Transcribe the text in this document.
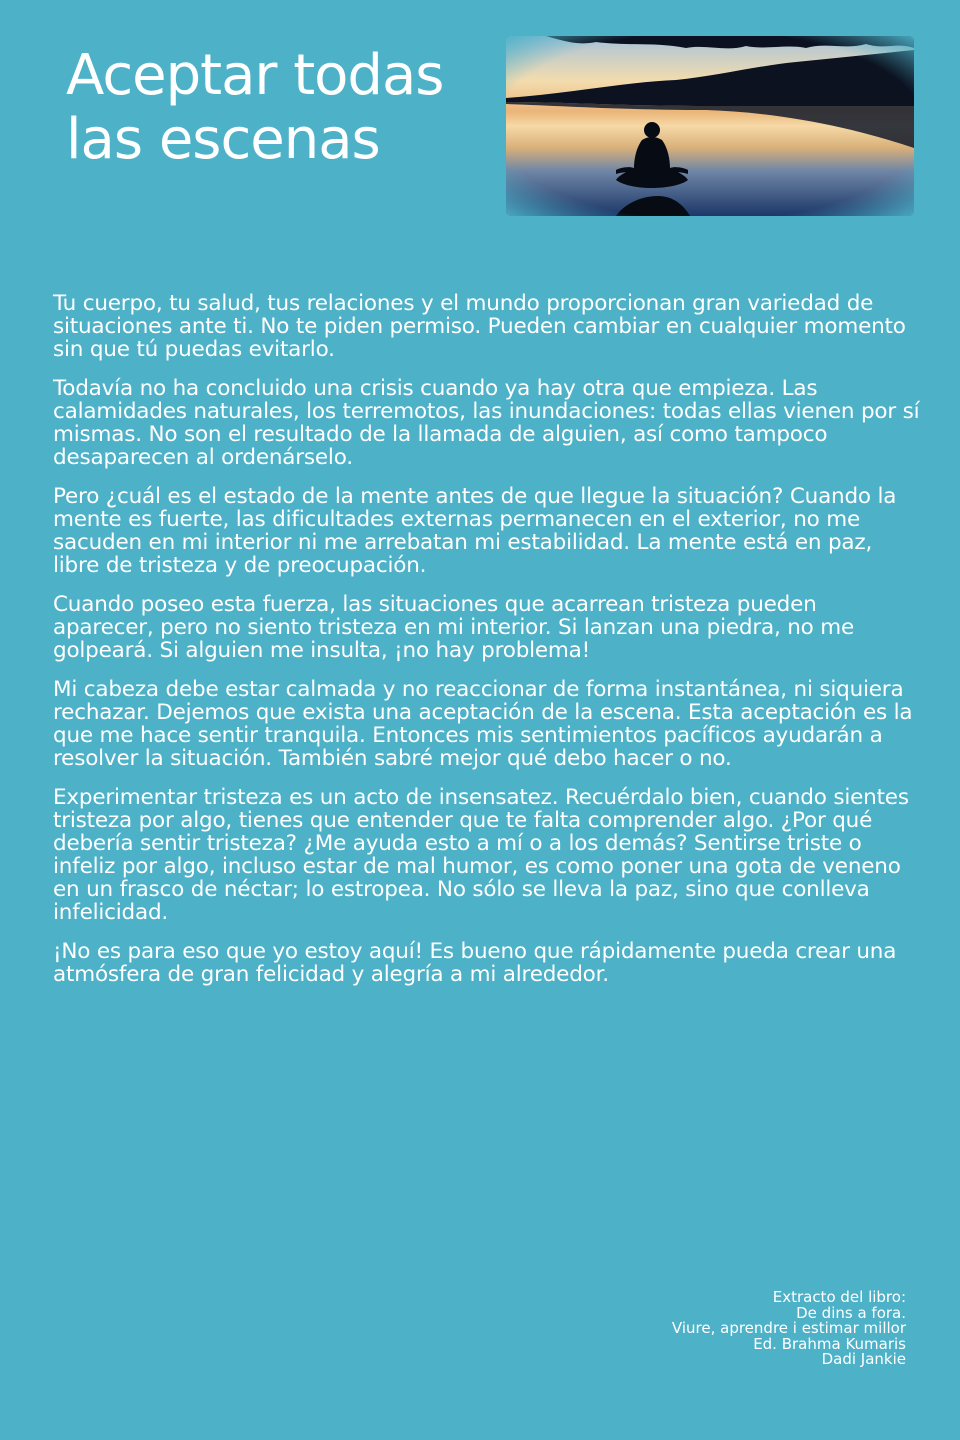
Aceptar todas
las escenas

Tu cuerpo, tu salud, tus relaciones y el mundo proporcionan gran variedad de situaciones ante ti. No te piden permiso. Pueden cambiar en cualquier momento sin que tú puedas evitarlo.

Todavía no ha concluido una crisis cuando ya hay otra que empieza. Las calamidades naturales, los terremotos, las inundaciones: todas ellas vienen por sí mismas. No son el resultado de la llamada de alguien, así como tampoco desaparecen al ordenárselo.

Pero ¿cuál es el estado de la mente antes de que llegue la situación? Cuando la mente es fuerte, las dificultades externas permanecen en el exterior, no me sacuden en mi interior ni me arrebatan mi estabilidad. La mente está en paz, libre de tristeza y de preocupación.

Cuando poseo esta fuerza, las situaciones que acarrean tristeza pueden aparecer, pero no siento tristeza en mi interior. Si lanzan una piedra, no me golpeará. Si alguien me insulta, ¡no hay problema!

Mi cabeza debe estar calmada y no reaccionar de forma instantánea, ni siquiera rechazar. Dejemos que exista una aceptación de la escena. Esta aceptación es la que me hace sentir tranquila. Entonces mis sentimientos pacíficos ayudarán a resolver la situación. También sabré mejor qué debo hacer o no.

Experimentar tristeza es un acto de insensatez. Recuérdalo bien, cuando sientes tristeza por algo, tienes que entender que te falta comprender algo. ¿Por qué debería sentir tristeza? ¿Me ayuda esto a mí o a los demás? Sentirse triste o infeliz por algo, incluso estar de mal humor, es como poner una gota de veneno en un frasco de néctar; lo estropea. No sólo se lleva la paz, sino que conlleva infelicidad.

¡No es para eso que yo estoy aquí! Es bueno que rápidamente pueda crear una atmósfera de gran felicidad y alegría a mi alrededor.

Extracto del libro:
De dins a fora.
Viure, aprendre i estimar millor
Ed. Brahma Kumaris
Dadi Jankie
